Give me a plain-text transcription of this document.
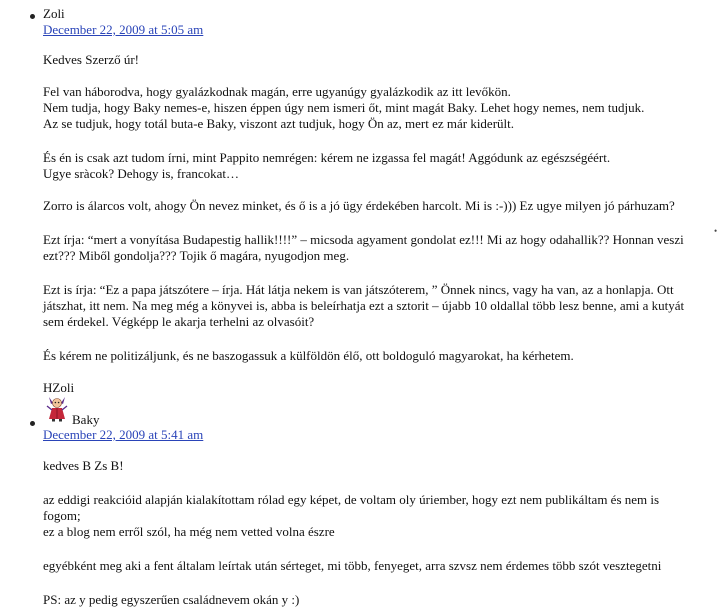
Zoli
December 22, 2009 at 5:05 am

Kedves Szerző úr!

Fel van háborodva, hogy gyalázkodnak magán, erre ugyanúgy gyalázkodik az itt levőkön.

Nem tudja, hogy Baky nemes-e, hiszen éppen úgy nem ismeri őt, mint magát Baky. Lehet hogy nemes, nem tudjuk.

Az se tudjuk, hogy totál buta-e Baky, viszont azt tudjuk, hogy Ön az, mert ez már kiderült.

És én is csak azt tudom írni, mint Pappito nemrégen: kérem ne izgassa fel magát! Aggódunk az egészségéért.

Ugye sràcok? Dehogy is, francokat…

Zorro is álarcos volt, ahogy Ön nevez minket, és ő is a jó ügy érdekében harcolt. Mi is :-))) Ez ugye milyen jó párhuzam?

Ezt írja: “mert a vonyítása Budapestig hallik!!!!” – micsoda agyament gondolat ez!!! Mi az hogy odahallik?? Honnan veszi

ezt??? Miből gondolja??? Tojik ő magára, nyugodjon meg.

Ezt is írja: “Ez a papa játszótere – írja. Hát látja nekem is van játszóterem, ” Önnek nincs, vagy ha van, az a honlapja. Ott

játszhat, itt nem. Na meg még a könyvei is, abba is beleírhatja ezt a sztorit – újabb 10 oldallal több lesz benne, ami a kutyát

sem érdekel. Végképp le akarja terhelni az olvasóit?

És kérem ne politizáljunk, és ne baszogassuk a külföldön élő, ott boldoguló magyarokat, ha kérhetem.

HZoli

Baky
December 22, 2009 at 5:41 am

kedves B Zs B!

az eddigi reakcióid alapján kialakítottam rólad egy képet, de voltam oly úriember, hogy ezt nem publikáltam és nem is

fogom;

ez a blog nem erről szól, ha még nem vetted volna észre

egyébként meg aki a fent általam leírtak után sérteget, mi több, fenyeget, arra szvsz nem érdemes több szót vesztegetni

PS: az y pedig egyszerűen családnevem okán y :)

•
